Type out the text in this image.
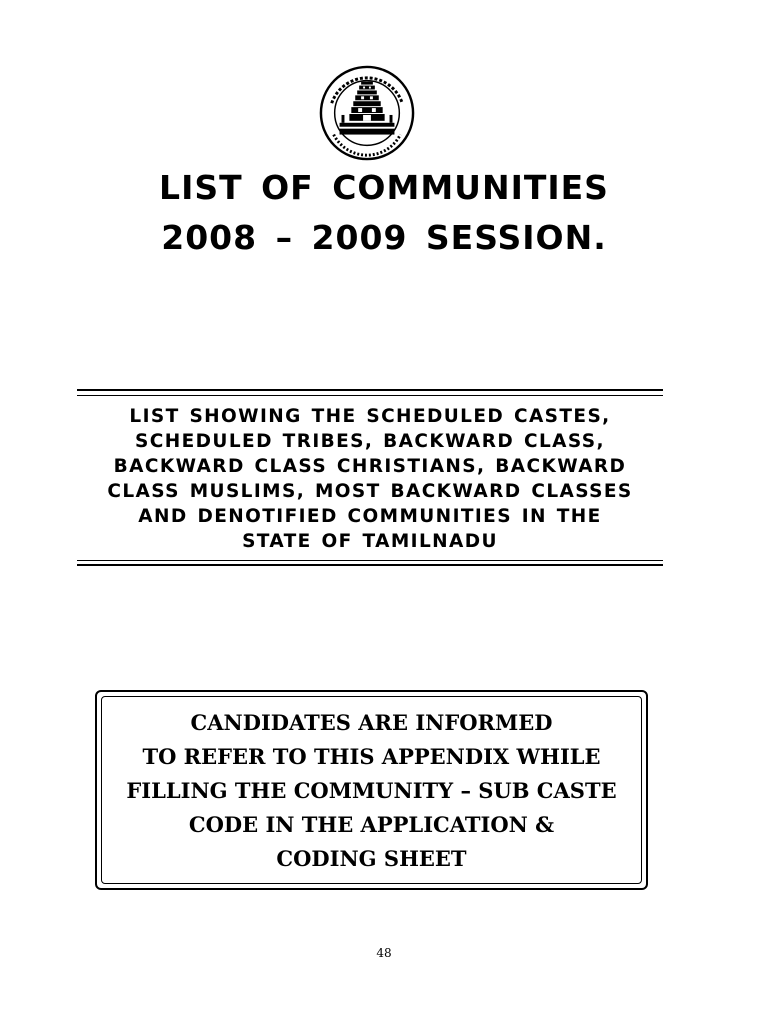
LIST OF COMMUNITIES
2008 – 2009 SESSION.
LIST SHOWING THE SCHEDULED CASTES,
SCHEDULED TRIBES, BACKWARD CLASS,
BACKWARD CLASS CHRISTIANS, BACKWARD
CLASS MUSLIMS, MOST BACKWARD CLASSES
AND DENOTIFIED COMMUNITIES IN THE
STATE OF TAMILNADU
CANDIDATES ARE INFORMED
TO REFER TO THIS APPENDIX WHILE
FILLING THE COMMUNITY – SUB CASTE
CODE IN THE APPLICATION &
CODING SHEET
48
